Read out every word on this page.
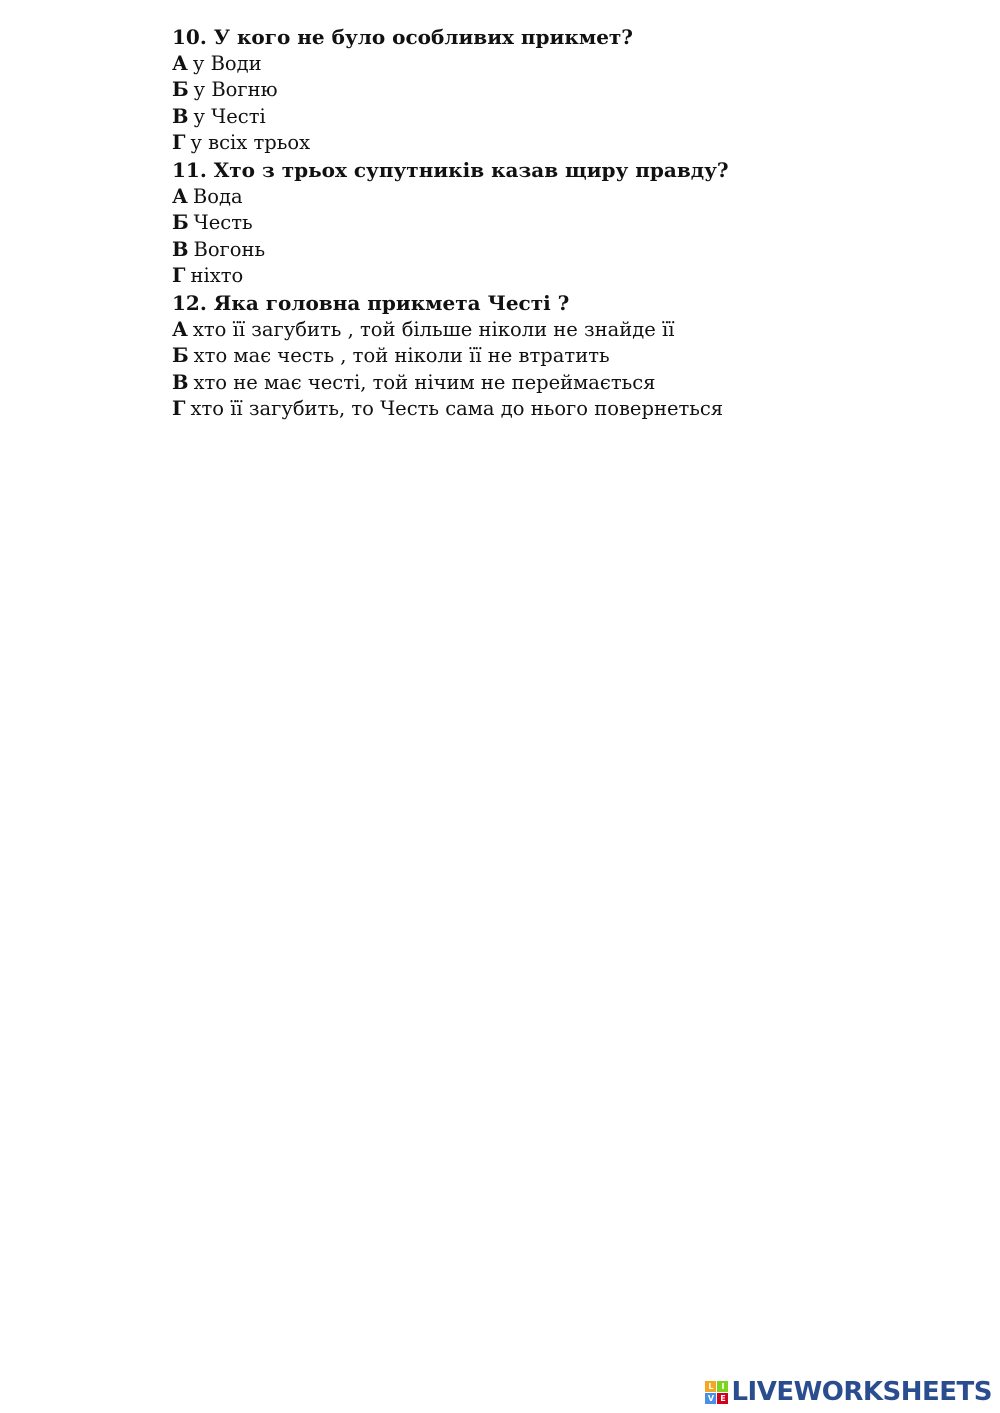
10. У кого не було особливих прикмет?
А у Води
Б у Вогню
В у Честі
Г у всіх трьох
11. Хто з трьох супутників казав щиру правду?
А Вода
Б Честь
В Вогонь
Г ніхто
12. Яка головна прикмета Честі ?
А хто її загубить , той більше ніколи не знайде її
Б хто має честь , той ніколи її не втратить
В хто не має честі, той нічим не переймається
Г хто її загубить, то Честь сама до нього повернеться
L I
V E LIVEWORKSHEETS
